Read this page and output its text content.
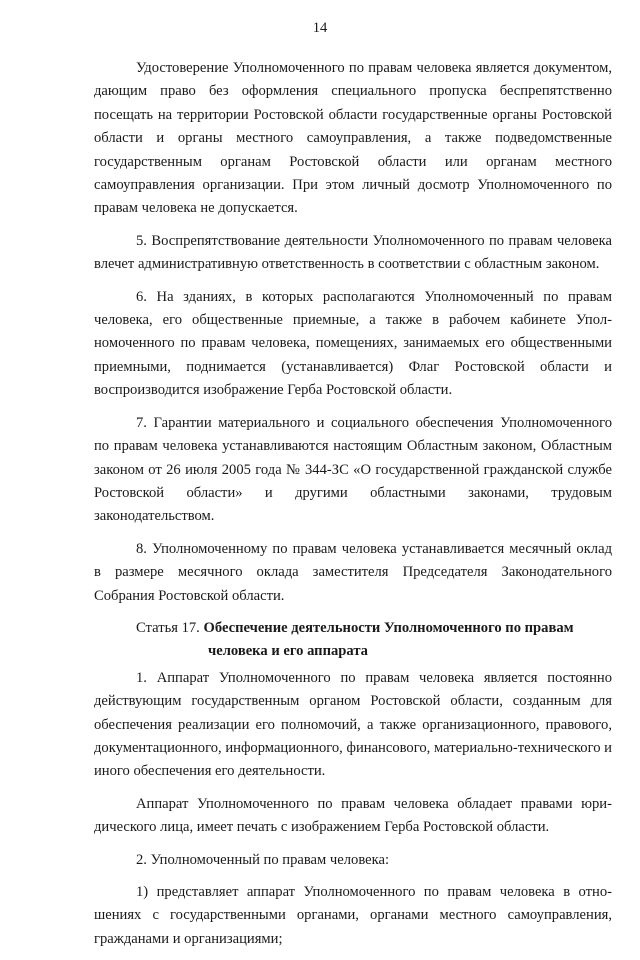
14

Удостоверение Уполномоченного по правам человека является документом, дающим право без оформления специального пропуска беспрепятственно посещать на территории Ростовской области государственные органы Ростовской области и органы местного самоуправления, а также подведомственные государственным органам Ростовской области или органам местного самоуправления организации. При этом личный досмотр Уполномоченного по правам человека не допускается.

5. Воспрепятствование деятельности Уполномоченного по правам человека влечет административную ответственность в соответствии с областным законом.

6. На зданиях, в которых располагаются Уполномоченный по правам человека, его общественные приемные, а также в рабочем кабинете Уполномоченного по правам человека, помещениях, занимаемых его общественными приемными, поднимается (устанавливается) Флаг Ростовской области и воспроизводится изображение Герба Ростовской области.

7. Гарантии материального и социального обеспечения Уполномоченного по правам человека устанавливаются настоящим Областным законом, Областным законом от 26 июля 2005 года № 344-ЗС «О государственной гражданской службе Ростовской области» и другими областными законами, трудовым законодательством.

8. Уполномоченному по правам человека устанавливается месячный оклад в размере месячного оклада заместителя Председателя Законодательного Собрания Ростовской области.

Статья 17. Обеспечение деятельности Уполномоченного по правам
человека и его аппарата

1. Аппарат Уполномоченного по правам человека является постоянно действующим государственным органом Ростовской области, созданным для обеспечения реализации его полномочий, а также организационного, правового, документационного, информационного, финансового, материально-технического и иного обеспечения его деятельности.

Аппарат Уполномоченного по правам человека обладает правами юридического лица, имеет печать с изображением Герба Ростовской области.

2. Уполномоченный по правам человека:

1) представляет аппарат Уполномоченного по правам человека в отношениях с государственными органами, органами местного самоуправления, гражданами и организациями;
